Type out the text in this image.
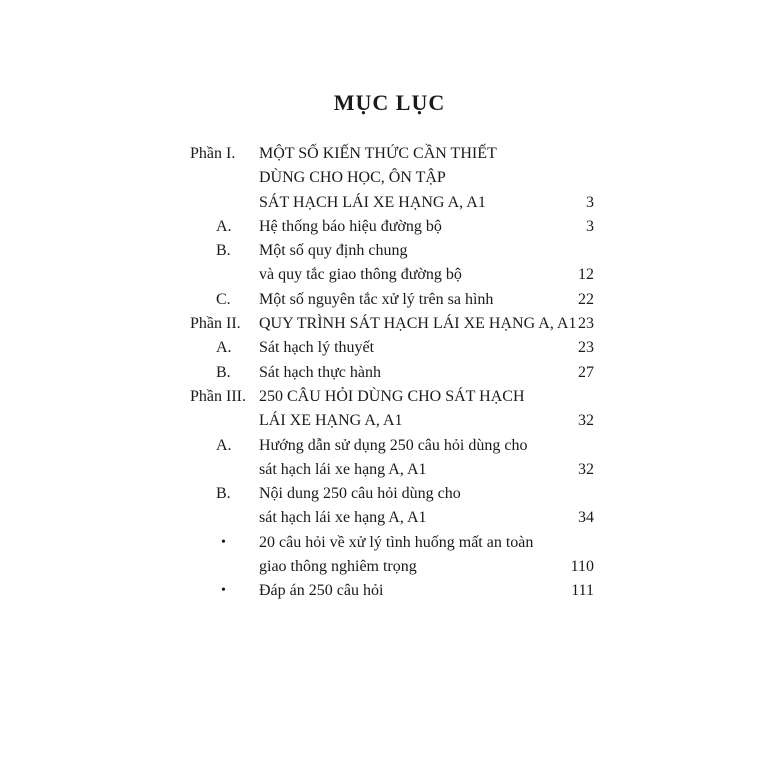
MỤC LỤC
Phần I. MỘT SỐ KIẾN THỨC CẦN THIẾT
DÙNG CHO HỌC, ÔN TẬP
SÁT HẠCH LÁI XE HẠNG A, A1	3
A. Hệ thống báo hiệu đường bộ	3
B. Một số quy định chung
và quy tắc giao thông đường bộ	12
C. Một số nguyên tắc xử lý trên sa hình	22
Phần II. QUY TRÌNH SÁT HẠCH LÁI XE HẠNG A, A1 23
A. Sát hạch lý thuyết	23
B. Sát hạch thực hành	27
Phần III. 250 CÂU HỎI DÙNG CHO SÁT HẠCH
LÁI XE HẠNG A, A1	32
A. Hướng dẫn sử dụng 250 câu hỏi dùng cho
sát hạch lái xe hạng A, A1	32
B. Nội dung 250 câu hỏi dùng cho
sát hạch lái xe hạng A, A1	34
• 20 câu hỏi về xử lý tình huống mất an toàn
giao thông nghiêm trọng	110
• Đáp án 250 câu hỏi	111
